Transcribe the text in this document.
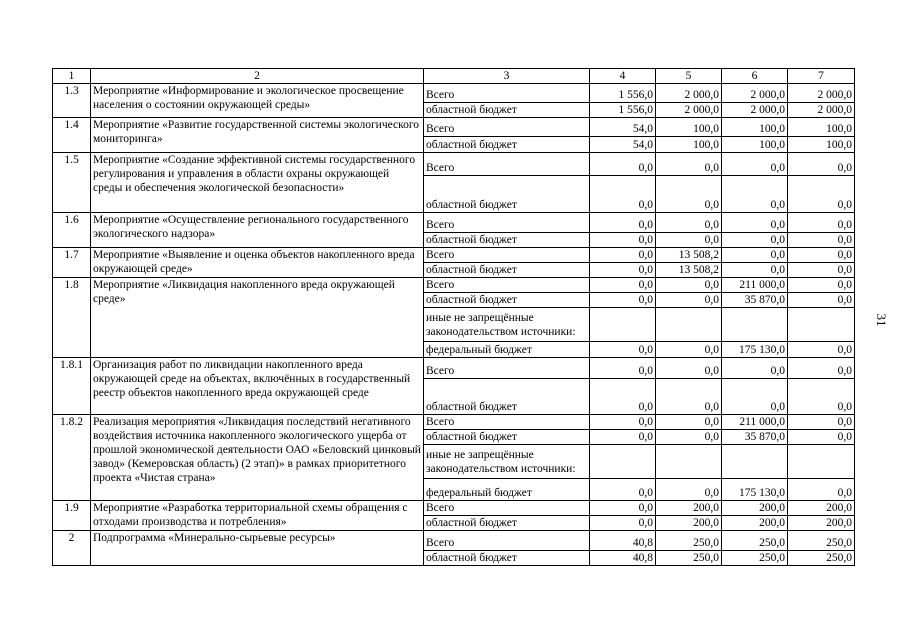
1	2	3	4	5	6	7
1.3	Мероприятие «Информирование и экологическое просвещение населения о состоянии окружающей среды»	Всего	1 556,0	2 000,0	2 000,0	2 000,0
		областной бюджет	1 556,0	2 000,0	2 000,0	2 000,0
1.4	Мероприятие «Развитие государственной системы экологического мониторинга»	Всего	54,0	100,0	100,0	100,0
		областной бюджет	54,0	100,0	100,0	100,0
1.5	Мероприятие «Создание эффективной системы государственного регулирования и управления в области охраны окружающей среды и обеспечения экологической безопасности»	Всего	0,0	0,0	0,0	0,0
		областной бюджет	0,0	0,0	0,0	0,0
1.6	Мероприятие «Осуществление регионального государственного экологического надзора»	Всего	0,0	0,0	0,0	0,0
		областной бюджет	0,0	0,0	0,0	0,0
1.7	Мероприятие «Выявление и оценка объектов накопленного вреда окружающей среде»	Всего	0,0	13 508,2	0,0	0,0
		областной бюджет	0,0	13 508,2	0,0	0,0
1.8	Мероприятие «Ликвидация накопленного вреда окружающей среде»	Всего	0,0	0,0	211 000,0	0,0
		областной бюджет	0,0	0,0	35 870,0	0,0
		иные не запрещённые законодательством источники:				
		федеральный бюджет	0,0	0,0	175 130,0	0,0
1.8.1	Организация работ по ликвидации накопленного вреда окружающей среде на объектах, включённых в государственный реестр объектов накопленного вреда окружающей среде	Всего	0,0	0,0	0,0	0,0
		областной бюджет	0,0	0,0	0,0	0,0
1.8.2	Реализация мероприятия «Ликвидация последствий негативного воздействия источника накопленного экологического ущерба от прошлой экономической деятельности ОАО «Беловский цинковый завод» (Кемеровская область) (2 этап)» в рамках приоритетного проекта «Чистая страна»	Всего	0,0	0,0	211 000,0	0,0
		областной бюджет	0,0	0,0	35 870,0	0,0
		иные не запрещённые законодательством источники:				
		федеральный бюджет	0,0	0,0	175 130,0	0,0
1.9	Мероприятие «Разработка территориальной схемы обращения с отходами производства и потребления»	Всего	0,0	200,0	200,0	200,0
		областной бюджет	0,0	200,0	200,0	200,0
2	Подпрограмма «Минерально-сырьевые ресурсы»	Всего	40,8	250,0	250,0	250,0
		областной бюджет	40,8	250,0	250,0	250,0
31
